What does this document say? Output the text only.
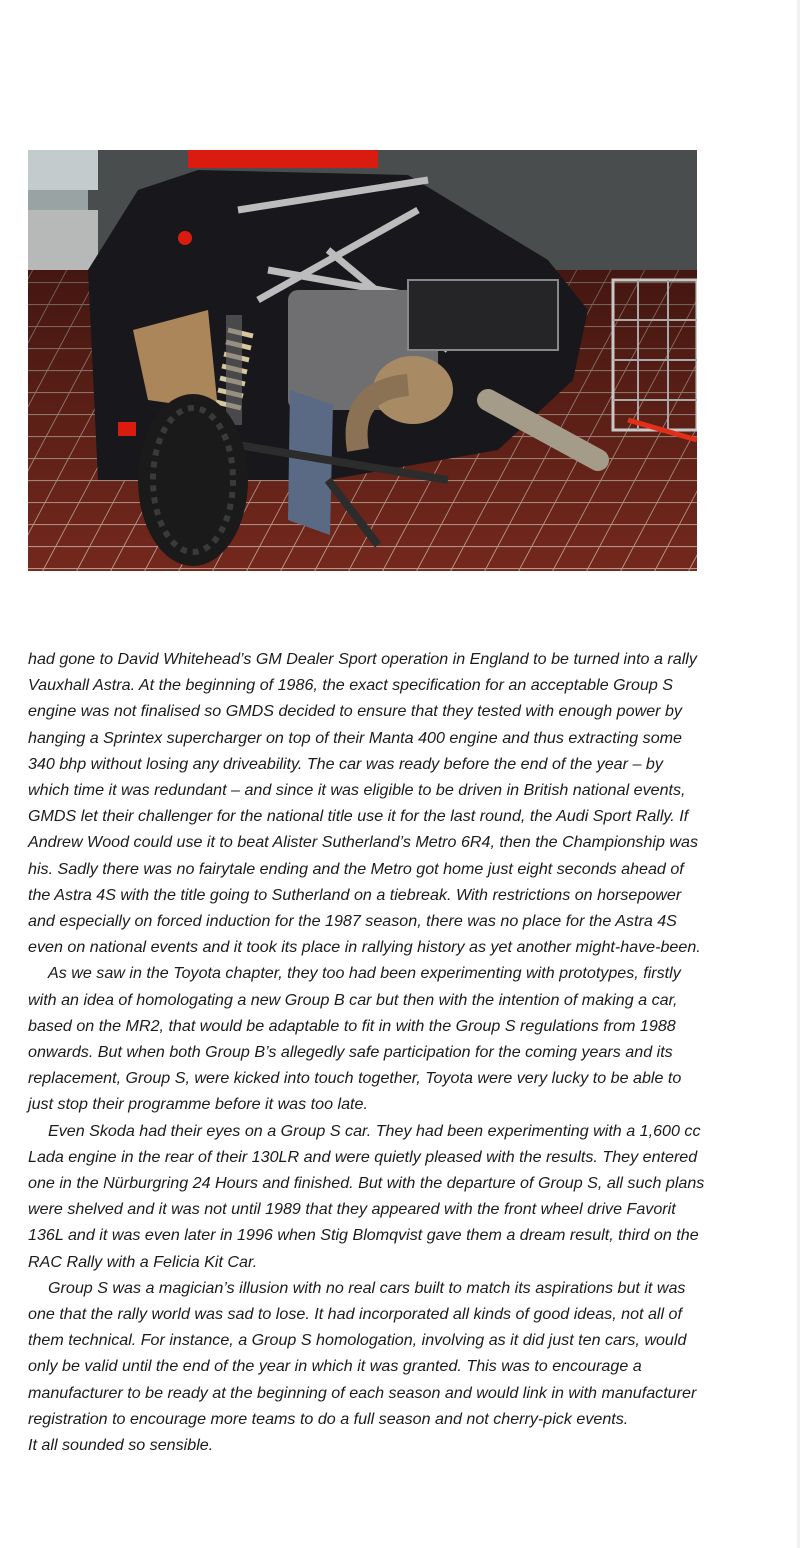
had gone to David Whitehead’s GM Dealer Sport operation in England to be turned into a rally Vauxhall Astra. At the beginning of 1986, the exact specification for an acceptable Group S engine was not finalised so GMDS decided to ensure that they tested with enough power by hanging a Sprintex supercharger on top of their Manta 400 engine and thus extracting some 340 bhp without losing any driveability. The car was ready before the end of the year – by which time it was redundant – and since it was eligible to be driven in British national events, GMDS let their challenger for the national title use it for the last round, the Audi Sport Rally. If Andrew Wood could use it to beat Alister Sutherland’s Metro 6R4, then the Championship was his. Sadly there was no fairytale ending and the Metro got home just eight seconds ahead of the Astra 4S with the title going to Sutherland on a tiebreak. With restrictions on horsepower and especially on forced induction for the 1987 season, there was no place for the Astra 4S even on national events and it took its place in rallying history as yet another might-have-been.

As we saw in the Toyota chapter, they too had been experimenting with prototypes, firstly with an idea of homologating a new Group B car but then with the intention of making a car, based on the MR2, that would be adaptable to fit in with the Group S regulations from 1988 onwards. But when both Group B’s allegedly safe participation for the coming years and its replacement, Group S, were kicked into touch together, Toyota were very lucky to be able to just stop their programme before it was too late.

Even Skoda had their eyes on a Group S car. They had been experimenting with a 1,600 cc Lada engine in the rear of their 130LR and were quietly pleased with the results. They entered one in the Nürburgring 24 Hours and finished. But with the departure of Group S, all such plans were shelved and it was not until 1989 that they appeared with the front wheel drive Favorit 136L and it was even later in 1996 when Stig Blomqvist gave them a dream result, third on the RAC Rally with a Felicia Kit Car.

Group S was a magician’s illusion with no real cars built to match its aspirations but it was one that the rally world was sad to lose. It had incorporated all kinds of good ideas, not all of them technical. For instance, a Group S homologation, involving as it did just ten cars, would only be valid until the end of the year in which it was granted. This was to encourage a manufacturer to be ready at the beginning of each season and would link in with manufacturer registration to encourage more teams to do a full season and not cherry-pick events.

It all sounded so sensible.
